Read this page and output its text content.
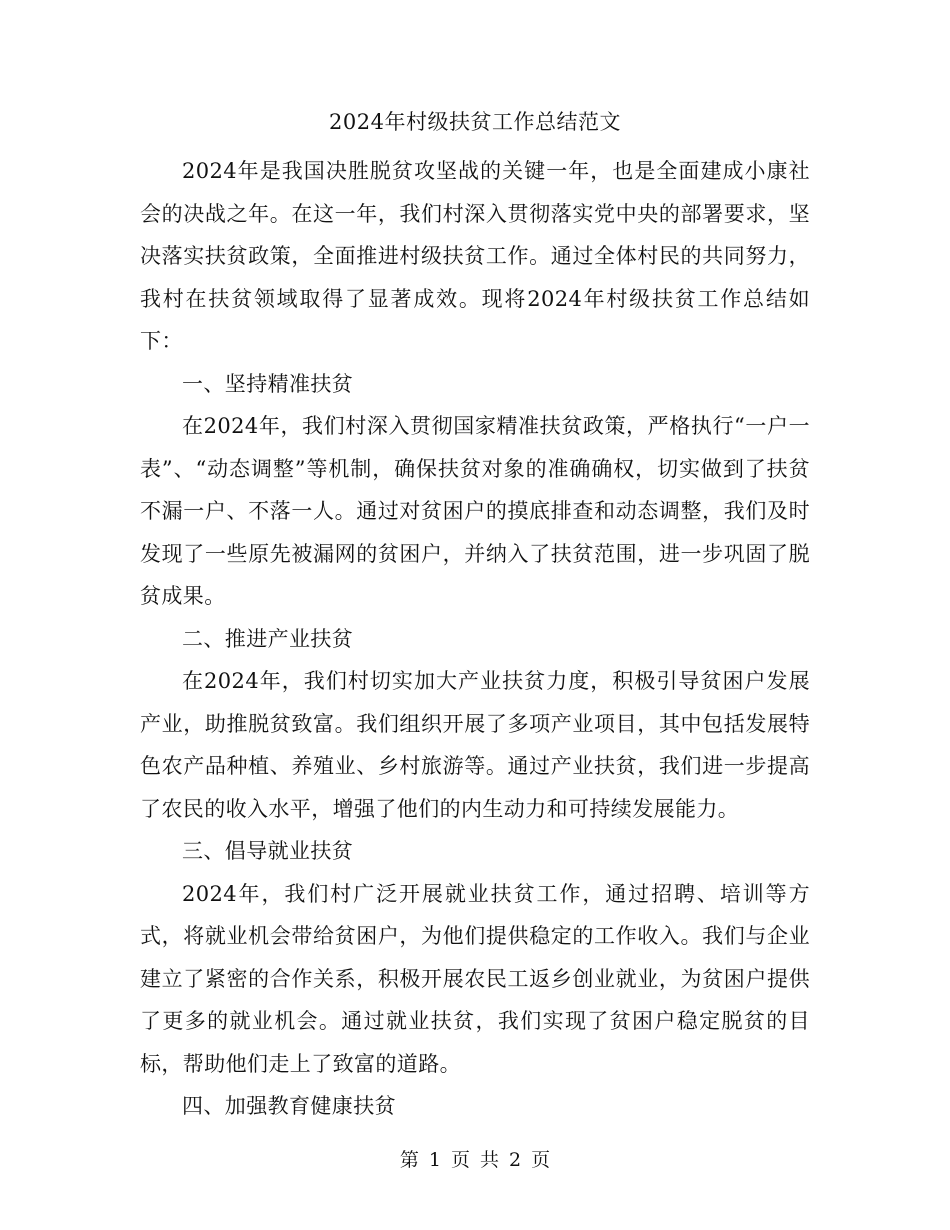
2024年村级扶贫工作总结范文

2024年是我国决胜脱贫攻坚战的关键一年，也是全面建成小康社会的决战之年。在这一年，我们村深入贯彻落实党中央的部署要求，坚决落实扶贫政策，全面推进村级扶贫工作。通过全体村民的共同努力，我村在扶贫领域取得了显著成效。现将2024年村级扶贫工作总结如下：

一、坚持精准扶贫

在2024年，我们村深入贯彻国家精准扶贫政策，严格执行“一户一表”、“动态调整”等机制，确保扶贫对象的准确确权，切实做到了扶贫不漏一户、不落一人。通过对贫困户的摸底排查和动态调整，我们及时发现了一些原先被漏网的贫困户，并纳入了扶贫范围，进一步巩固了脱贫成果。

二、推进产业扶贫

在2024年，我们村切实加大产业扶贫力度，积极引导贫困户发展产业，助推脱贫致富。我们组织开展了多项产业项目，其中包括发展特色农产品种植、养殖业、乡村旅游等。通过产业扶贫，我们进一步提高了农民的收入水平，增强了他们的内生动力和可持续发展能力。

三、倡导就业扶贫

2024年，我们村广泛开展就业扶贫工作，通过招聘、培训等方式，将就业机会带给贫困户，为他们提供稳定的工作收入。我们与企业建立了紧密的合作关系，积极开展农民工返乡创业就业，为贫困户提供了更多的就业机会。通过就业扶贫，我们实现了贫困户稳定脱贫的目标，帮助他们走上了致富的道路。

四、加强教育健康扶贫

第 1 页 共 2 页
